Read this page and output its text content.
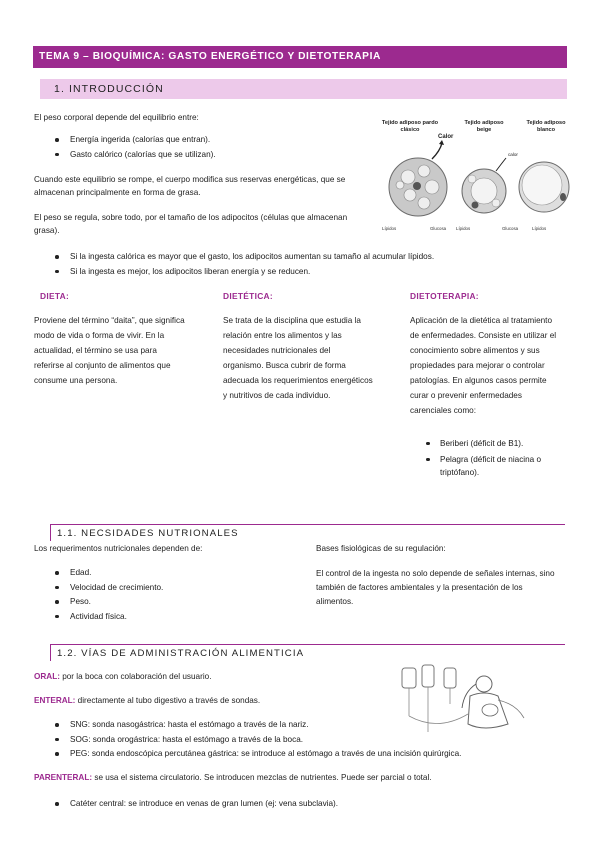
TEMA 9 – BIOQUÍMICA: GASTO ENERGÉTICO Y DIETOTERAPIA
1. INTRODUCCIÓN
El peso corporal depende del equilibrio entre:
Energía ingerida (calorías que entran).
Gasto calórico (calorías que se utilizan).
Cuando este equilibrio se rompe, el cuerpo modifica sus reservas energéticas, que se almacenan principalmente en forma de grasa.
El peso se regula, sobre todo, por el tamaño de los adipocitos (células que almacenan grasa).
Tejido adiposo pardo clásico
Tejido adiposo beige
Tejido adiposo blanco
Calor
calor
Lípidos	Glucosa Lípidos	Glucosa	Lípidos
Si la ingesta calórica es mayor que el gasto, los adipocitos aumentan su tamaño al acumular lípidos.
Si la ingesta es mejor, los adipocitos liberan energía y se reducen.
DIETA:	DIETÉTICA:	DIETOTERAPIA:
Proviene del término “daita”, que significa modo de vida o forma de vivir. En la actualidad, el término se usa para referirse al conjunto de alimentos que consume una persona.
Se trata de la disciplina que estudia la relación entre los alimentos y las necesidades nutricionales del organismo. Busca cubrir de forma adecuada los requerimientos energéticos y nutritivos de cada individuo.
Aplicación de la dietética al tratamiento de enfermedades. Consiste en utilizar el conocimiento sobre alimentos y sus propiedades para mejorar o controlar patologías. En algunos casos permite curar o prevenir enfermedades carenciales como:
Beriberi (déficit de B1).
Pelagra (déficit de niacina o triptófano).
1.1. NECSIDADES NUTRIONALES
Los requerimentos nutricionales dependen de:
Edad.
Velocidad de crecimiento.
Peso.
Actividad física.
Bases fisiológicas de su regulación:
El control de la ingesta no solo depende de señales internas, sino también de factores ambientales y la presentación de los alimentos.
1.2. VÍAS DE ADMINISTRACIÓN ALIMENTICIA
ORAL: por la boca con colaboración del usuario.
ENTERAL: directamente al tubo digestivo a través de sondas.
SNG: sonda nasogástrica: hasta el estómago a través de la nariz.
SOG: sonda orogástrica: hasta el estómago a través de la boca.
PEG: sonda endoscópica percutánea gástrica: se introduce al estómago a través de una incisión quirúrgica.
PARENTERAL: se usa el sistema circulatorio. Se introducen mezclas de nutrientes. Puede ser parcial o total.
Catéter central: se introduce en venas de gran lumen (ej: vena subclavia).
